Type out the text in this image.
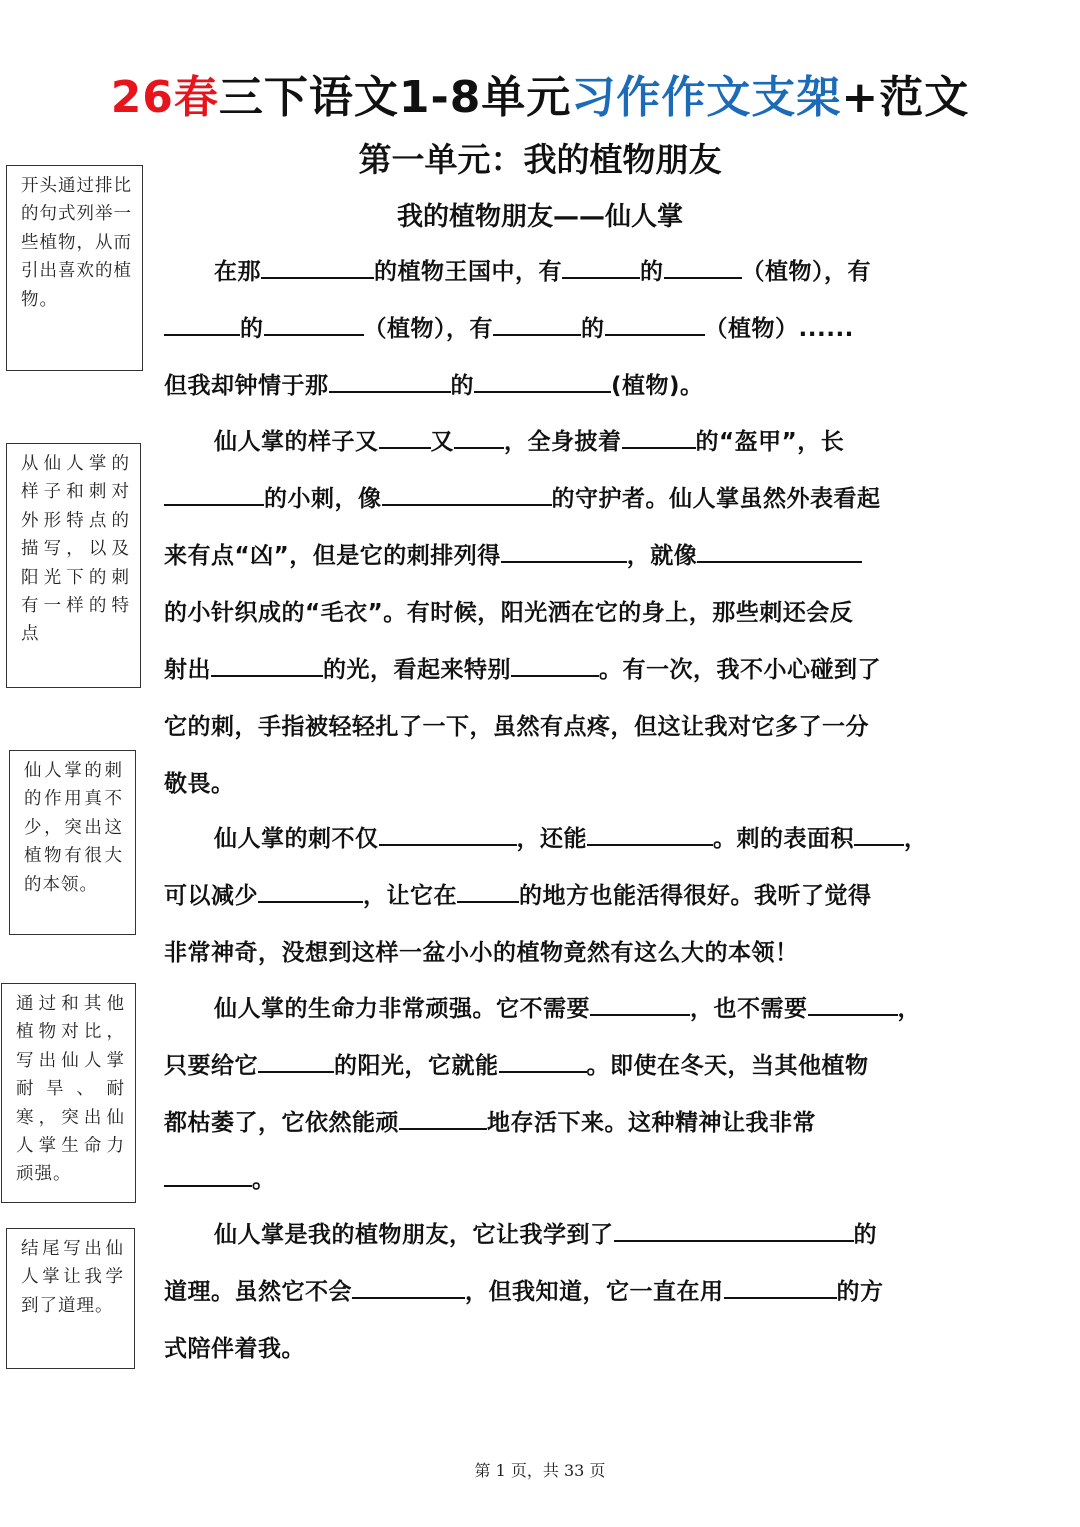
26春三下语文1-8单元习作作文支架+范文
第一单元：我的植物朋友
我的植物朋友——仙人掌
开头通过排比的句式列举一些植物，从而引出喜欢的植物。
从仙人掌的样子和刺对外形特点的描写，以及阳光下的刺有一样的特点
仙人掌的刺的作用真不少，突出这植物有很大的本领。
通过和其他植物对比，写出仙人掌耐旱、耐寒，突出仙人掌生命力顽强。
结尾写出仙人掌让我学到了道理。
在那	的植物王国中，有	的	（植物），有
的	（植物），有	的	（植物）......
但我却钟情于那	的	(植物)。
仙人掌的样子又 又 ，全身披着	的“盔甲”，长
的小刺，像	的守护者。仙人掌虽然外表看起
来有点“凶”，但是它的刺排列得	，就像
的小针织成的“毛衣”。有时候，阳光洒在它的身上，那些刺还会反
射出	的光，看起来特别	。有一次，我不小心碰到了
它的刺，手指被轻轻扎了一下，虽然有点疼，但这让我对它多了一分
敬畏。
仙人掌的刺不仅	，还能	。刺的表面积 ，
可以减少	，让它在	的地方也能活得很好。我听了觉得
非常神奇，没想到这样一盆小小的植物竟然有这么大的本领！
仙人掌的生命力非常顽强。它不需要	，也不需要	，
只要给它	的阳光，它就能	。即使在冬天，当其他植物
都枯萎了，它依然能顽	地存活下来。这种精神让我非常
。
仙人掌是我的植物朋友，它让我学到了	的
道理。虽然它不会	，但我知道，它一直在用	的方
式陪伴着我。
第 1 页，共 33 页
